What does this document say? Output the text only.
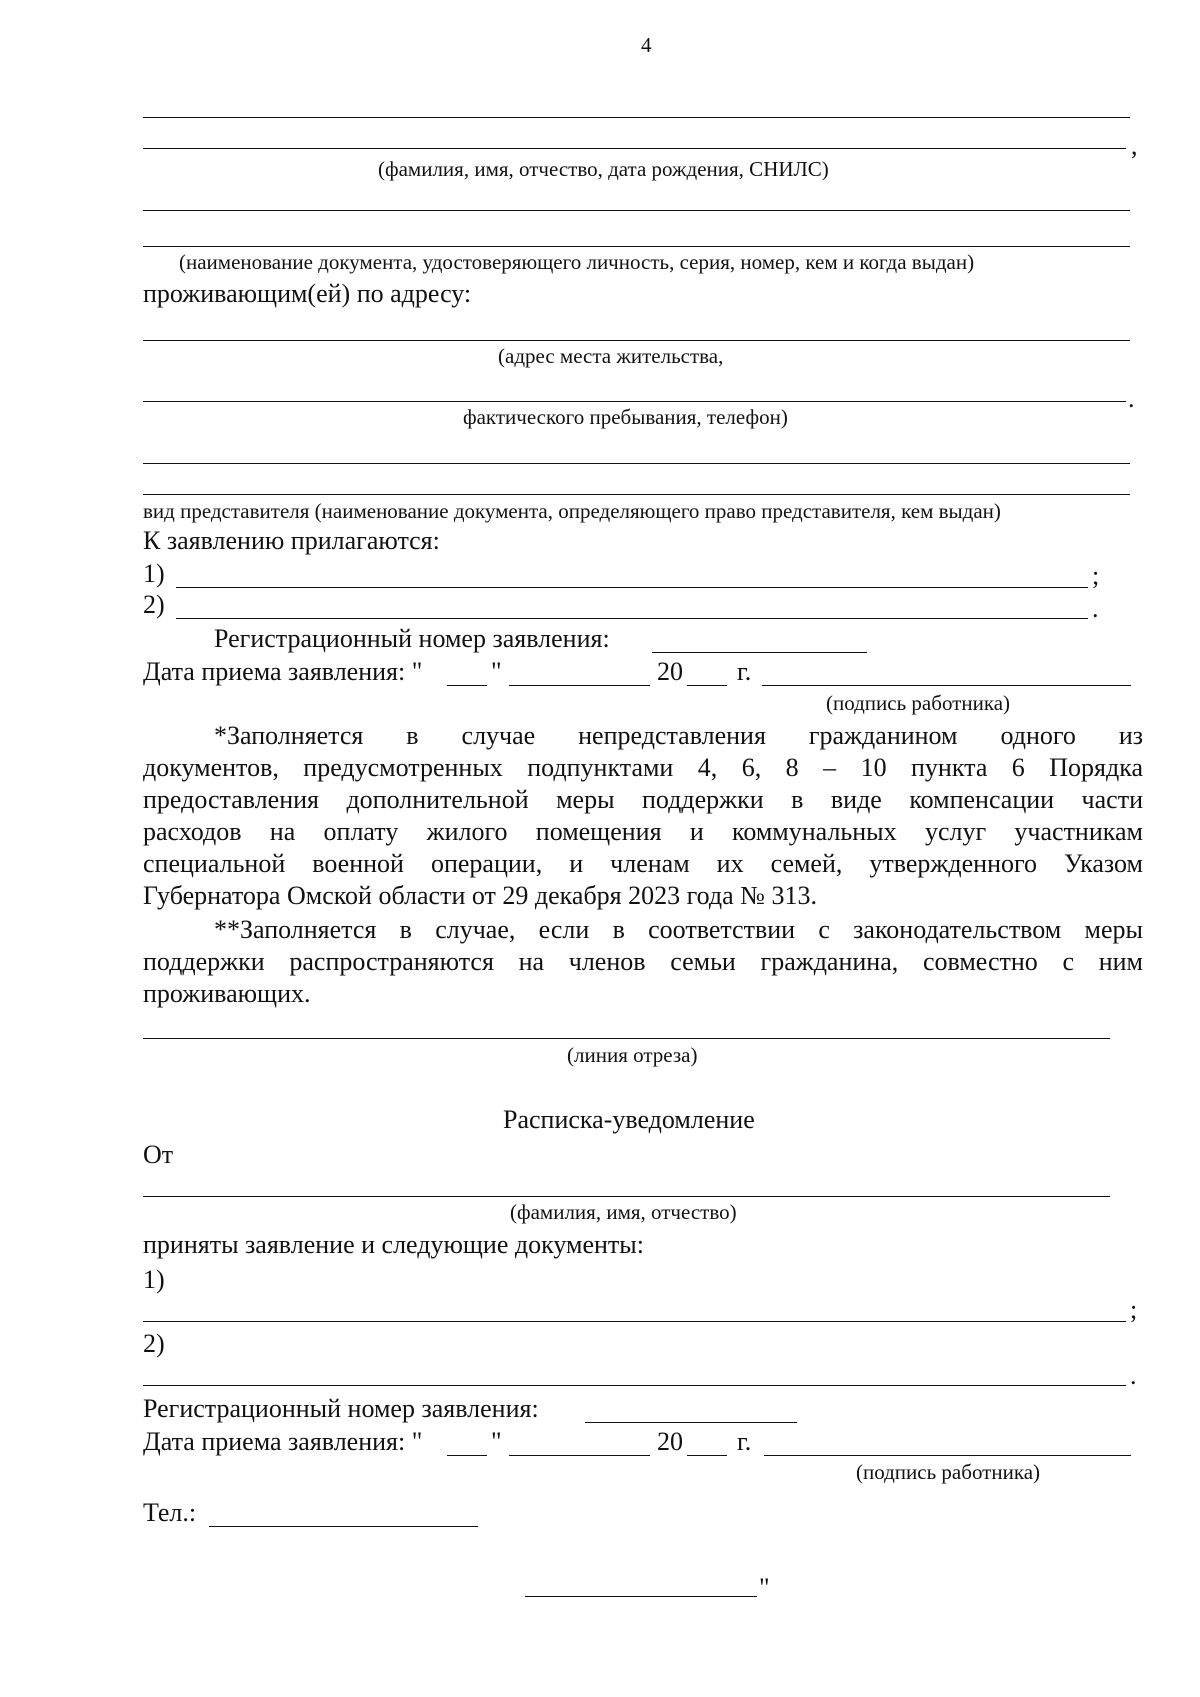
4
,
(фамилия, имя, отчество, дата рождения, СНИЛС)
(наименование документа, удостоверяющего личность, серия, номер, кем и когда выдан)
проживающим(ей) по адресу:
(адрес места жительства,
.
фактического пребывания, телефон)
вид представителя (наименование документа, определяющего право представителя, кем выдан)
К заявлению прилагаются:
1)	;
2)	.
Регистрационный номер заявления:
Дата приема заявления: "	"	20 г.
(подпись работника)
*Заполняется в случае непредставления гражданином одного из
документов, предусмотренных подпунктами 4, 6, 8 – 10 пункта 6 Порядка
предоставления дополнительной меры поддержки в виде компенсации части
расходов на оплату жилого помещения и коммунальных услуг участникам
специальной военной операции, и членам их семей, утвержденного Указом
Губернатора Омской области от 29 декабря 2023 года № 313.
**Заполняется в случае, если в соответствии с законодательством меры
поддержки распространяются на членов семьи гражданина, совместно с ним
проживающих.
(линия отреза)
Расписка-уведомление
От
(фамилия, имя, отчество)
приняты заявление и следующие документы:
1)
;
2)
.
Регистрационный номер заявления:
Дата приема заявления: "	"	20 г.
(подпись работника)
Тел.:
"
